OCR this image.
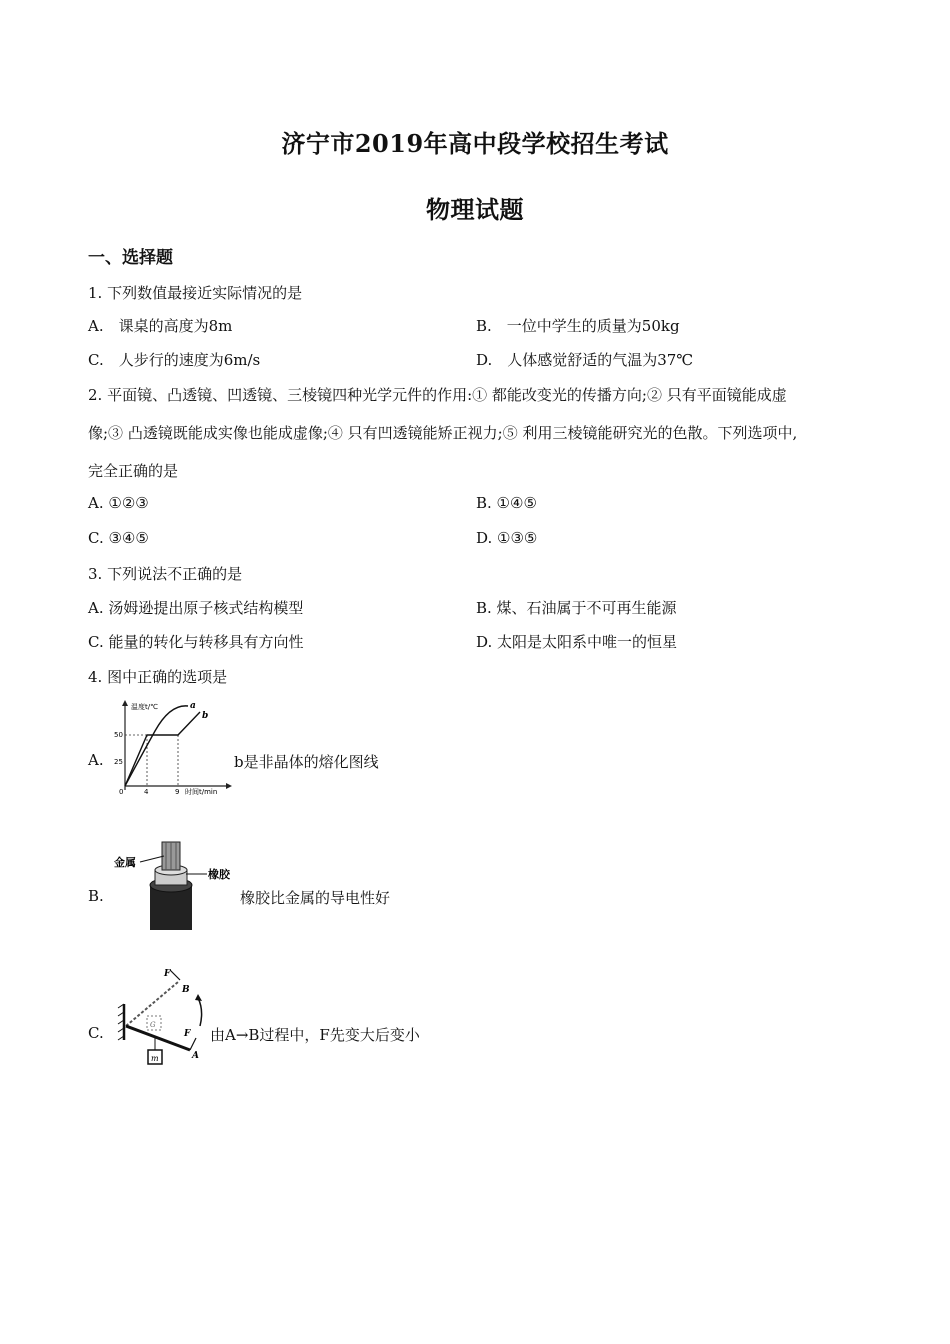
济宁市2019年高中段学校招生考试
物理试题
一、选择题
1. 下列数值最接近实际情况的是
A.　课桌的高度为8m	B.　一位中学生的质量为50kg
C.　人步行的速度为6m/s	D.　人体感觉舒适的气温为37℃
2. 平面镜、凸透镜、凹透镜、三棱镜四种光学元件的作用:① 都能改变光的传播方向;② 只有平面镜能成虚
像;③ 凸透镜既能成实像也能成虚像;④ 只有凹透镜能矫正视力;⑤ 利用三棱镜能研究光的色散。下列选项中,
完全正确的是
A. ①②③	B. ①④⑤
C. ③④⑤	D. ①③⑤
3. 下列说法不正确的是
A. 汤姆逊提出原子核式结构模型	B. 煤、石油属于不可再生能源
C. 能量的转化与转移具有方向性	D. 太阳是太阳系中唯一的恒星
4. 图中正确的选项是
A.
温度t/℃
时间t/min
50
25
0	4	9
a
b
b是非晶体的熔化图线
B.
金属
橡胶
橡胶比金属的导电性好
C.	G
m
F
B
F
A
由A→B过程中，F先变大后变小
